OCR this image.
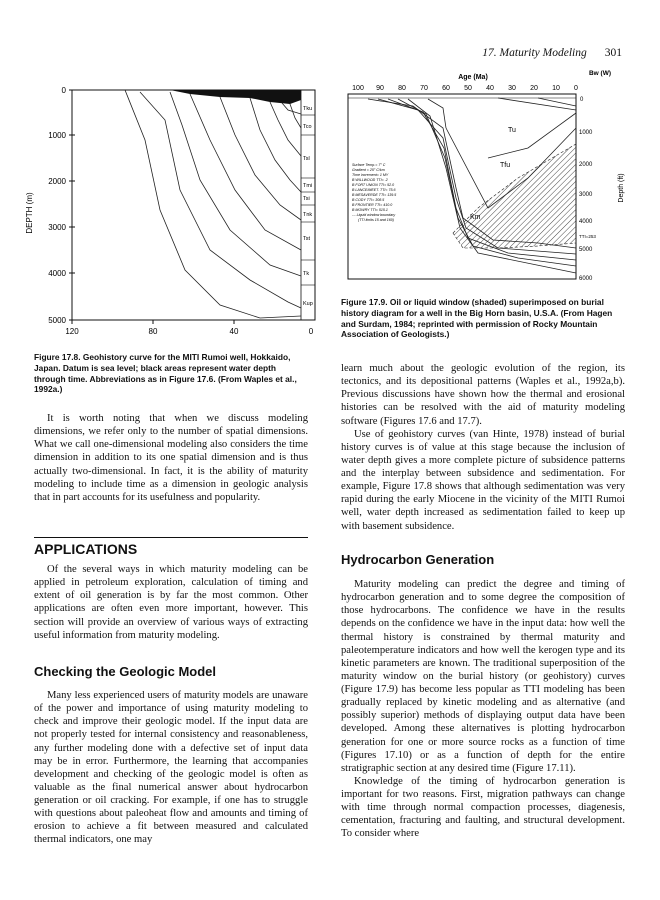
17. Maturity Modeling 301
DEPTH (m)
0
1000
2000
3000
4000
5000
120	80	40	0
Tku
Tco
Tsl
Tmi
Tsi
Tnk
Tst
Tk
Kup
Figure 17.8. Geohistory curve for the MITI Rumoi well, Hokkaido, Japan. Datum is sea level; black areas represent water depth through time. Abbreviations as in Figure 17.6. (From Waples et al., 1992a.)
Age (Ma)
Bw (W)
100 90 80 70 60 50 40 30 20 10 0
0
1000
2000
3000
4000
5000
6000
Depth (ft)
TTI=253
Tu
Tfu
Km
Surface Temp.= 7° C
Gradient = 25° C/km
Time increment= 1 MY
B WILLWOOD TTI= .2
B FORT UNION TTI= 52.0
B LANCE/MEET. TTI= 75.6
B MESAVERDE TTI= 139.5
B CODY TTI= 308.5
B FRONTIER TTI= 410.0
B MOWRY TTI= 515.1
--- Liquid window boundary
(TTI limits 15 and 160)
Figure 17.9. Oil or liquid window (shaded) superimposed on burial history diagram for a well in the Big Horn basin, U.S.A. (From Hagen and Surdam, 1984; reprinted with permission of Rocky Mountain Association of Geologists.)

It is worth noting that when we discuss modeling dimensions, we refer only to the number of spatial dimensions. What we call one-dimensional modeling also considers the time dimension in addition to its one spatial dimension and is thus actually two-dimensional. In fact, it is the ability of maturity modeling to include time as a dimension in geologic analysis that in part accounts for its usefulness and popularity.

APPLICATIONS

Of the several ways in which maturity modeling can be applied in petroleum exploration, calculation of timing and extent of oil generation is by far the most common. Other applications are often even more important, however. This section will provide an overview of various ways of extracting useful information from maturity modeling.

Checking the Geologic Model

Many less experienced users of maturity models are unaware of the power and importance of using maturity modeling to check and improve their geologic model. If the input data are not properly tested for internal consistency and reasonableness, any further modeling done with a defective set of input data may be in error. Furthermore, the learning that accompanies development and checking of the geologic model is often as valuable as the final numerical answer about hydrocarbon generation or oil cracking. For example, if one has to struggle with questions about paleoheat flow and amounts and timing of erosion to achieve a fit between measured and calculated thermal indicators, one may

learn much about the geologic evolution of the region, its tectonics, and its depositional patterns (Waples et al., 1992a,b). Previous discussions have shown how the thermal and erosional histories can be resolved with the aid of maturity modeling software (Figures 17.6 and 17.7).

Use of geohistory curves (van Hinte, 1978) instead of burial history curves is of value at this stage because the inclusion of water depth gives a more complete picture of subsidence patterns and the interplay between subsidence and sedimentation. For example, Figure 17.8 shows that although sedimentation was very rapid during the early Miocene in the vicinity of the MITI Rumoi well, water depth increased as sedimentation failed to keep up with basement subsidence.

Hydrocarbon Generation

Maturity modeling can predict the degree and timing of hydrocarbon generation and to some degree the composition of those hydrocarbons. The confidence we have in the results depends on the confidence we have in the input data: how well the thermal history is constrained by thermal maturity and paleotemperature indicators and how well the kerogen type and its kinetic parameters are known. The traditional superposition of the maturity window on the burial history (or geohistory) curves (Figure 17.9) has become less popular as TTI modeling has been gradually replaced by kinetic modeling and as alternative (and possibly superior) methods of displaying output data have been developed. Among these alternatives is plotting hydrocarbon generation for one or more source rocks as a function of time (Figures 17.10) or as a function of depth for the entire stratigraphic section at any desired time (Figure 17.11).

Knowledge of the timing of hydrocarbon generation is important for two reasons. First, migration pathways can change with time through normal compaction processes, diagenesis, cementation, fracturing and faulting, and structural development. To consider where
